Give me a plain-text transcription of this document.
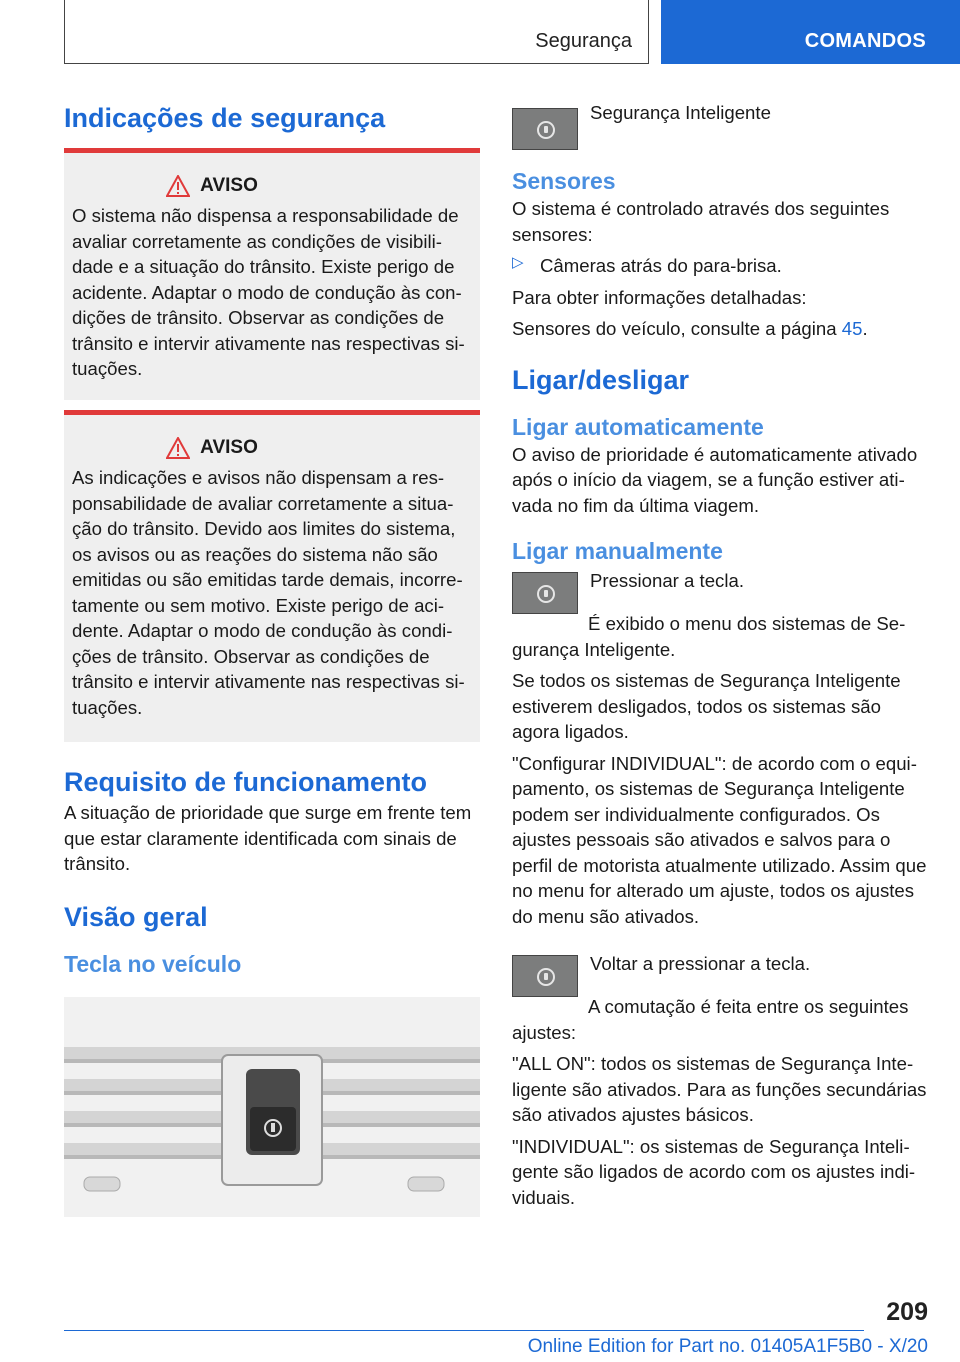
Segurança	COMANDOS
Indicações de segurança
AVISO

O sistema não dispensa a responsabilidade de avaliar corretamente as condições de visibilidade e a situação do trânsito. Existe perigo de acidente. Adaptar o modo de condução às condições de trânsito. Observar as condições de trânsito e intervir ativamente nas respectivas situações.

AVISO

As indicações e avisos não dispensam a responsabilidade de avaliar corretamente a situação do trânsito. Devido aos limites do sistema, os avisos ou as reações do sistema não são emitidas ou são emitidas tarde demais, incorretamente ou sem motivo. Existe perigo de acidente. Adaptar o modo de condução às condições de trânsito. Observar as condições de trânsito e intervir ativamente nas respectivas situações.

Requisito de funcionamento

A situação de prioridade que surge em frente tem que estar claramente identificada com sinais de trânsito.

Visão geral
Tecla no veículo

Segurança Inteligente

Sensores

O sistema é controlado através dos seguintes sensores:

▷ Câmeras atrás do para-brisa.

Para obter informações detalhadas:

Sensores do veículo, consulte a página 45.

Ligar/desligar
Ligar automaticamente

O aviso de prioridade é automaticamente ativado após o início da viagem, se a função estiver ativada no fim da última viagem.

Ligar manualmente

Pressionar a tecla.

É exibido o menu dos sistemas de Segurança Inteligente.

Se todos os sistemas de Segurança Inteligente estiverem desligados, todos os sistemas são agora ligados.

"Configurar INDIVIDUAL": de acordo com o equipamento, os sistemas de Segurança Inteligente podem ser individualmente configurados. Os ajustes pessoais são ativados e salvos para o perfil de motorista atualmente utilizado. Assim que no menu for alterado um ajuste, todos os ajustes do menu são ativados.

Voltar a pressionar a tecla.

A comutação é feita entre os seguintes ajustes:

"ALL ON": todos os sistemas de Segurança Inteligente são ativados. Para as funções secundárias são ativados ajustes básicos.

"INDIVIDUAL": os sistemas de Segurança Inteligente são ligados de acordo com os ajustes individuais.

209
Online Edition for Part no. 01405A1F5B0 - X/20
